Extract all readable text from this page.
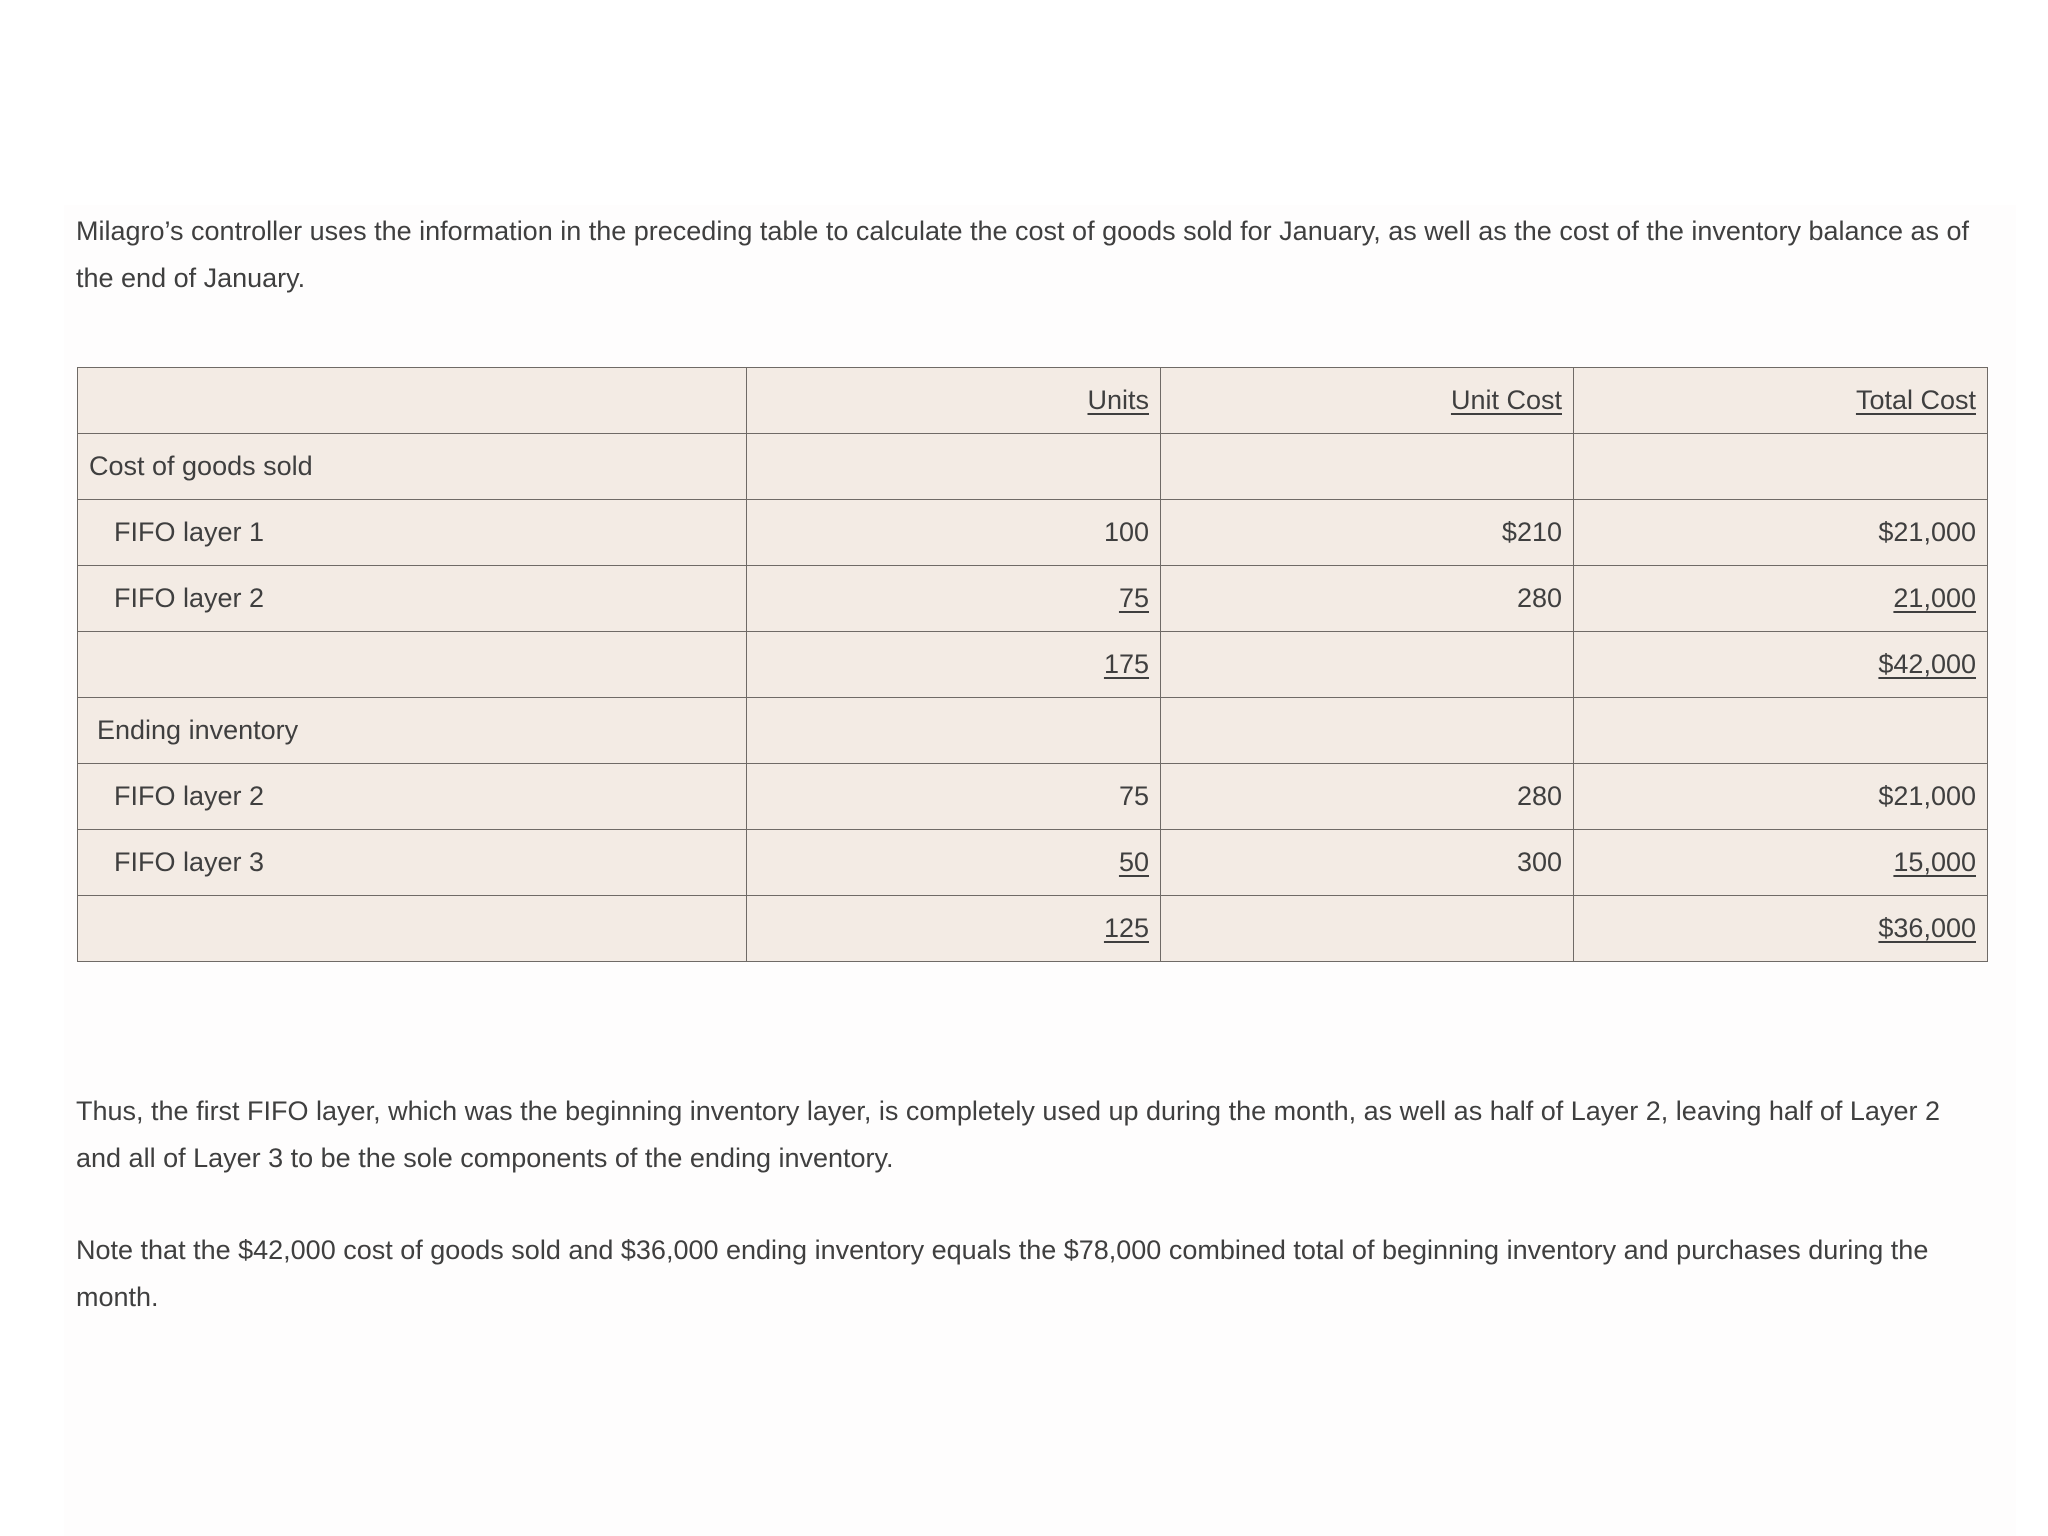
Milagro’s controller uses the information in the preceding table to calculate the cost of goods sold for January, as well as the cost of the inventory balance as of the end of January.

	Units	Unit Cost	Total Cost
Cost of goods sold			
FIFO layer 1	100	$210	$21,000
FIFO layer 2	75	280	21,000
	175		$42,000
Ending inventory			
FIFO layer 2	75	280	$21,000
FIFO layer 3	50	300	15,000
	125		$36,000

Thus, the first FIFO layer, which was the beginning inventory layer, is completely used up during the month, as well as half of Layer 2, leaving half of Layer 2 and all of Layer 3 to be the sole components of the ending inventory.

Note that the $42,000 cost of goods sold and $36,000 ending inventory equals the $78,000 combined total of beginning inventory and purchases during the month.
